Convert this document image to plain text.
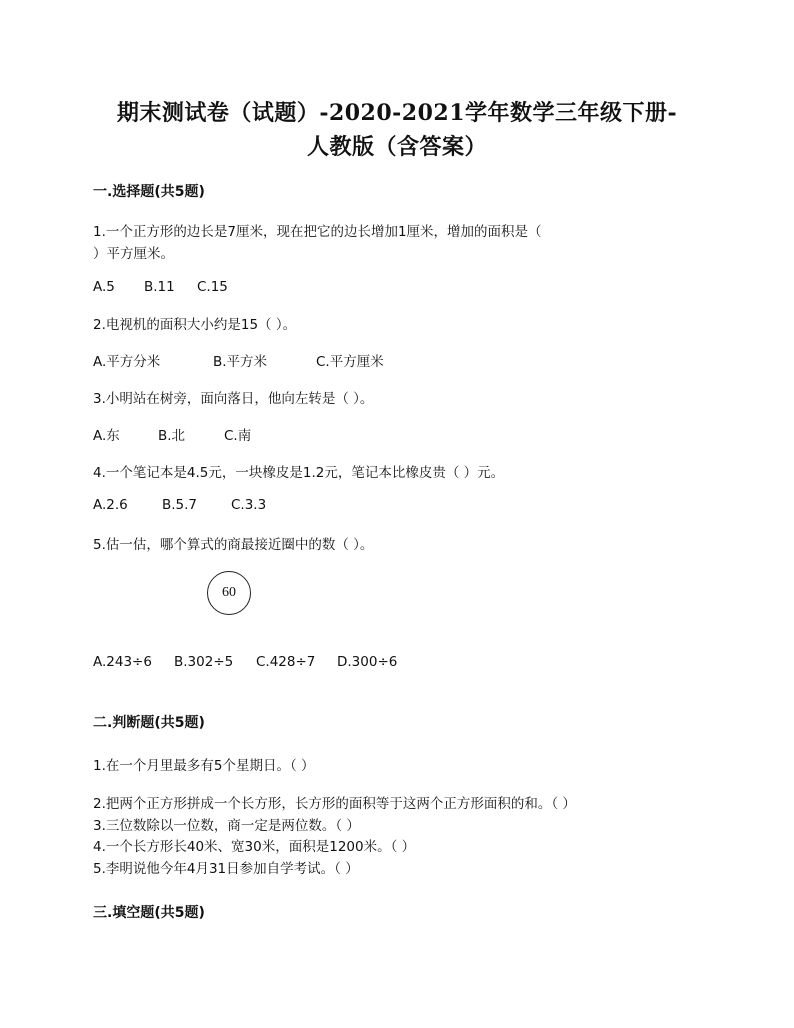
期末测试卷（试题）-2020-2021学年数学三年级下册-
人教版（含答案）
一.选择题(共5题)
1.一个正方形的边长是7厘米，现在把它的边长增加1厘米，增加的面积是（
）平方厘米。
A.5	B.11	C.15
2.电视机的面积大小约是15（ ）。
A.平方分米	B.平方米	C.平方厘米
3.小明站在树旁，面向落日，他向左转是（ ）。
A.东	B.北	C.南
4.一个笔记本是4.5元，一块橡皮是1.2元，笔记本比橡皮贵（ ）元。
A.2.6	B.5.7	C.3.3
5.估一估，哪个算式的商最接近圈中的数（ ）。
60
A.243÷6	B.302÷5	C.428÷7	D.300÷6
二.判断题(共5题)
1.在一个月里最多有5个星期日。（ ）
2.把两个正方形拼成一个长方形，长方形的面积等于这两个正方形面积的和。（ ）
3.三位数除以一位数，商一定是两位数。（ ）
4.一个长方形长40米、宽30米，面积是1200米。（ ）
5.李明说他今年4月31日参加自学考试。（ ）
三.填空题(共5题)
